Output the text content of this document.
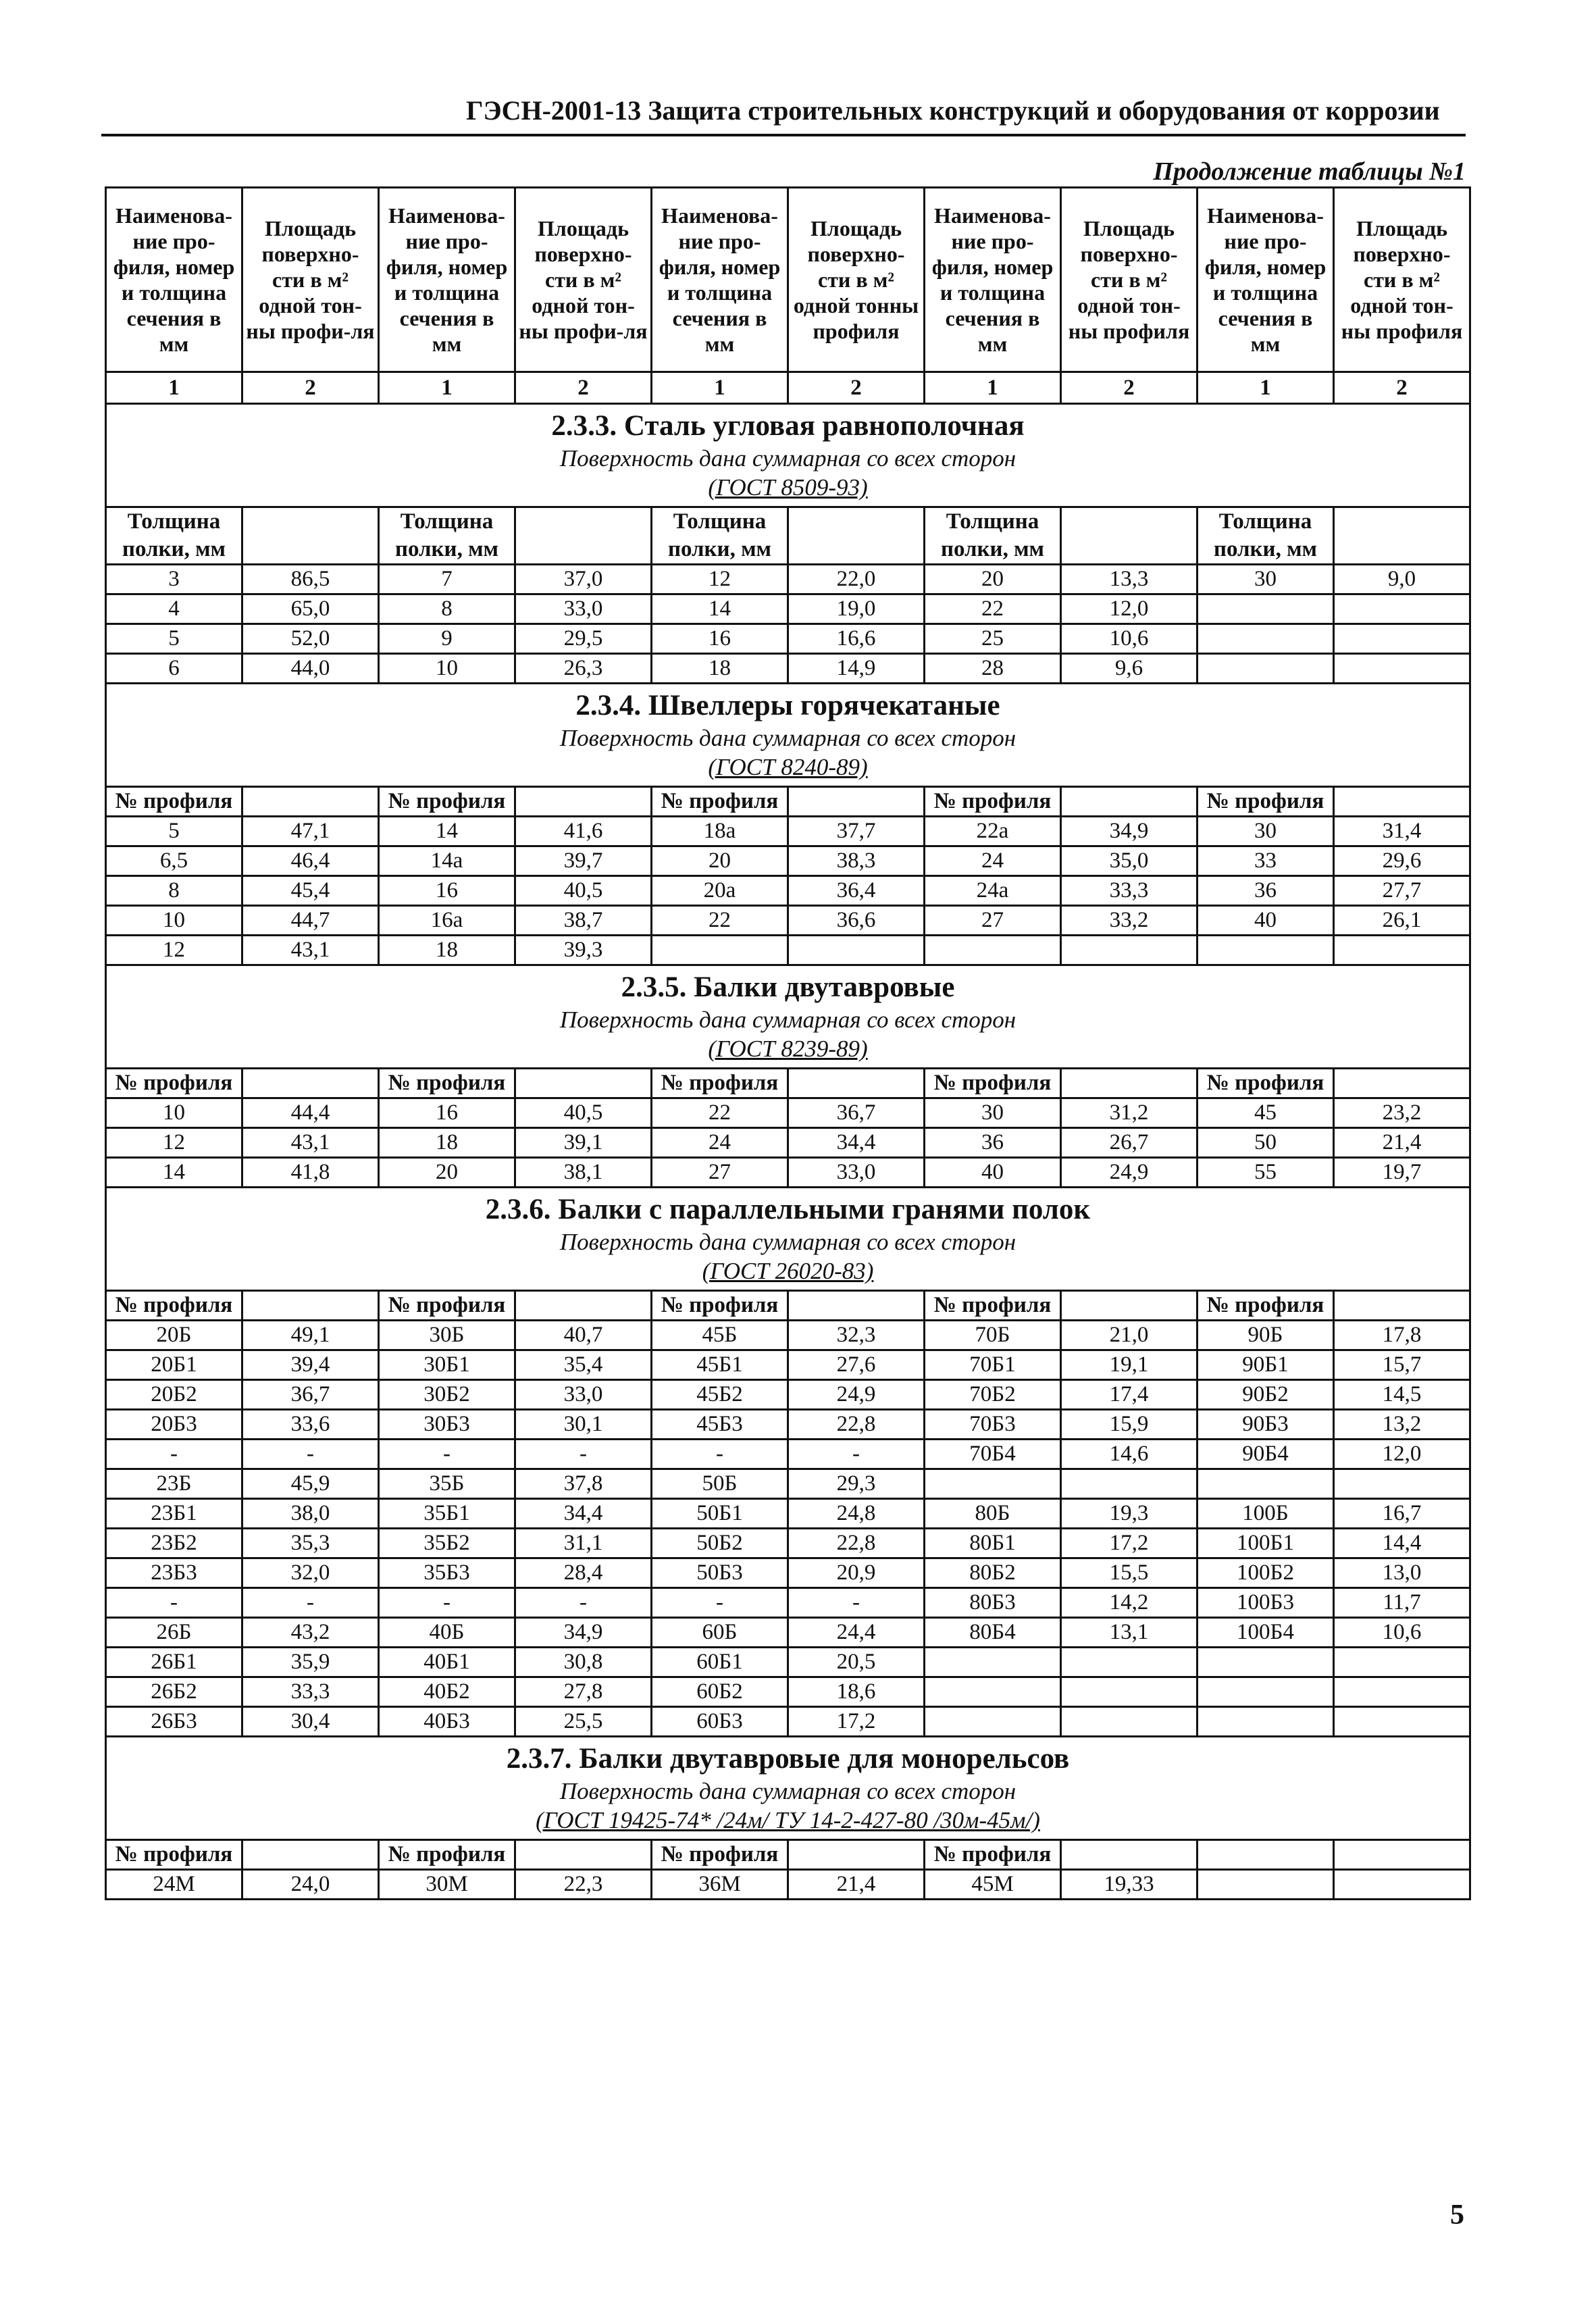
ГЭСН-2001-13 Защита строительных конструкций и оборудования от коррозии
Продолжение таблицы №1
Наименова-ние про-филя, номер и толщина сечения в мм	Площадь поверхно-сти в м² одной тон-ны профи-ля	Наименова-ние про-филя, номер и толщина сечения в мм	Площадь поверхно-сти в м² одной тон-ны профи-ля	Наименова-ние про-филя, номер и толщина сечения в мм	Площадь поверхно-сти в м² одной тонны профиля	Наименова-ние про-филя, номер и толщина сечения в мм	Площадь поверхно-сти в м² одной тон-ны профиля	Наименова-ние про-филя, номер и толщина сечения в мм	Площадь поверхно-сти в м² одной тон-ны профиля
1	2	1	2	1	2	1	2	1	2

2.3.3. Сталь угловая равнополочная
Поверхность дана суммарная со всех сторон
(ГОСТ 8509-93)									

Толщина полки, мм		Толщина полки, мм		Толщина полки, мм		Толщина полки, мм		Толщина полки, мм	
3	86,5	7	37,0	12	22,0	20	13,3	30	9,0
4	65,0	8	33,0	14	19,0	22	12,0		
5	52,0	9	29,5	16	16,6	25	10,6		
6	44,0	10	26,3	18	14,9	28	9,6		

2.3.4. Швеллеры горячекатаные
Поверхность дана суммарная со всех сторон
(ГОСТ 8240-89)									

№ профиля		№ профиля		№ профиля		№ профиля		№ профиля	
5	47,1	14	41,6	18а	37,7	22а	34,9	30	31,4
6,5	46,4	14а	39,7	20	38,3	24	35,0	33	29,6
8	45,4	16	40,5	20а	36,4	24а	33,3	36	27,7
10	44,7	16а	38,7	22	36,6	27	33,2	40	26,1
12	43,1	18	39,3						

2.3.5. Балки двутавровые
Поверхность дана суммарная со всех сторон
(ГОСТ 8239-89)									

№ профиля		№ профиля		№ профиля		№ профиля		№ профиля	
10	44,4	16	40,5	22	36,7	30	31,2	45	23,2
12	43,1	18	39,1	24	34,4	36	26,7	50	21,4
14	41,8	20	38,1	27	33,0	40	24,9	55	19,7

2.3.6. Балки с параллельными гранями полок
Поверхность дана суммарная со всех сторон
(ГОСТ 26020-83)									

№ профиля		№ профиля		№ профиля		№ профиля		№ профиля	
20Б	49,1	30Б	40,7	45Б	32,3	70Б	21,0	90Б	17,8
20Б1	39,4	30Б1	35,4	45Б1	27,6	70Б1	19,1	90Б1	15,7
20Б2	36,7	30Б2	33,0	45Б2	24,9	70Б2	17,4	90Б2	14,5
20Б3	33,6	30Б3	30,1	45Б3	22,8	70Б3	15,9	90Б3	13,2
-	-	-	-	-	-	70Б4	14,6	90Б4	12,0
23Б	45,9	35Б	37,8	50Б	29,3				
23Б1	38,0	35Б1	34,4	50Б1	24,8	80Б	19,3	100Б	16,7
23Б2	35,3	35Б2	31,1	50Б2	22,8	80Б1	17,2	100Б1	14,4
23Б3	32,0	35Б3	28,4	50Б3	20,9	80Б2	15,5	100Б2	13,0
-	-	-	-	-	-	80Б3	14,2	100Б3	11,7
26Б	43,2	40Б	34,9	60Б	24,4	80Б4	13,1	100Б4	10,6
26Б1	35,9	40Б1	30,8	60Б1	20,5				
26Б2	33,3	40Б2	27,8	60Б2	18,6				
26Б3	30,4	40Б3	25,5	60Б3	17,2				

2.3.7. Балки двутавровые для монорельсов
Поверхность дана суммарная со всех сторон
(ГОСТ 19425-74* /24м/ ТУ 14-2-427-80 /30м-45м/)									

№ профиля		№ профиля		№ профиля		№ профиля			
24М	24,0	30М	22,3	36М	21,4	45М	19,33		
5
